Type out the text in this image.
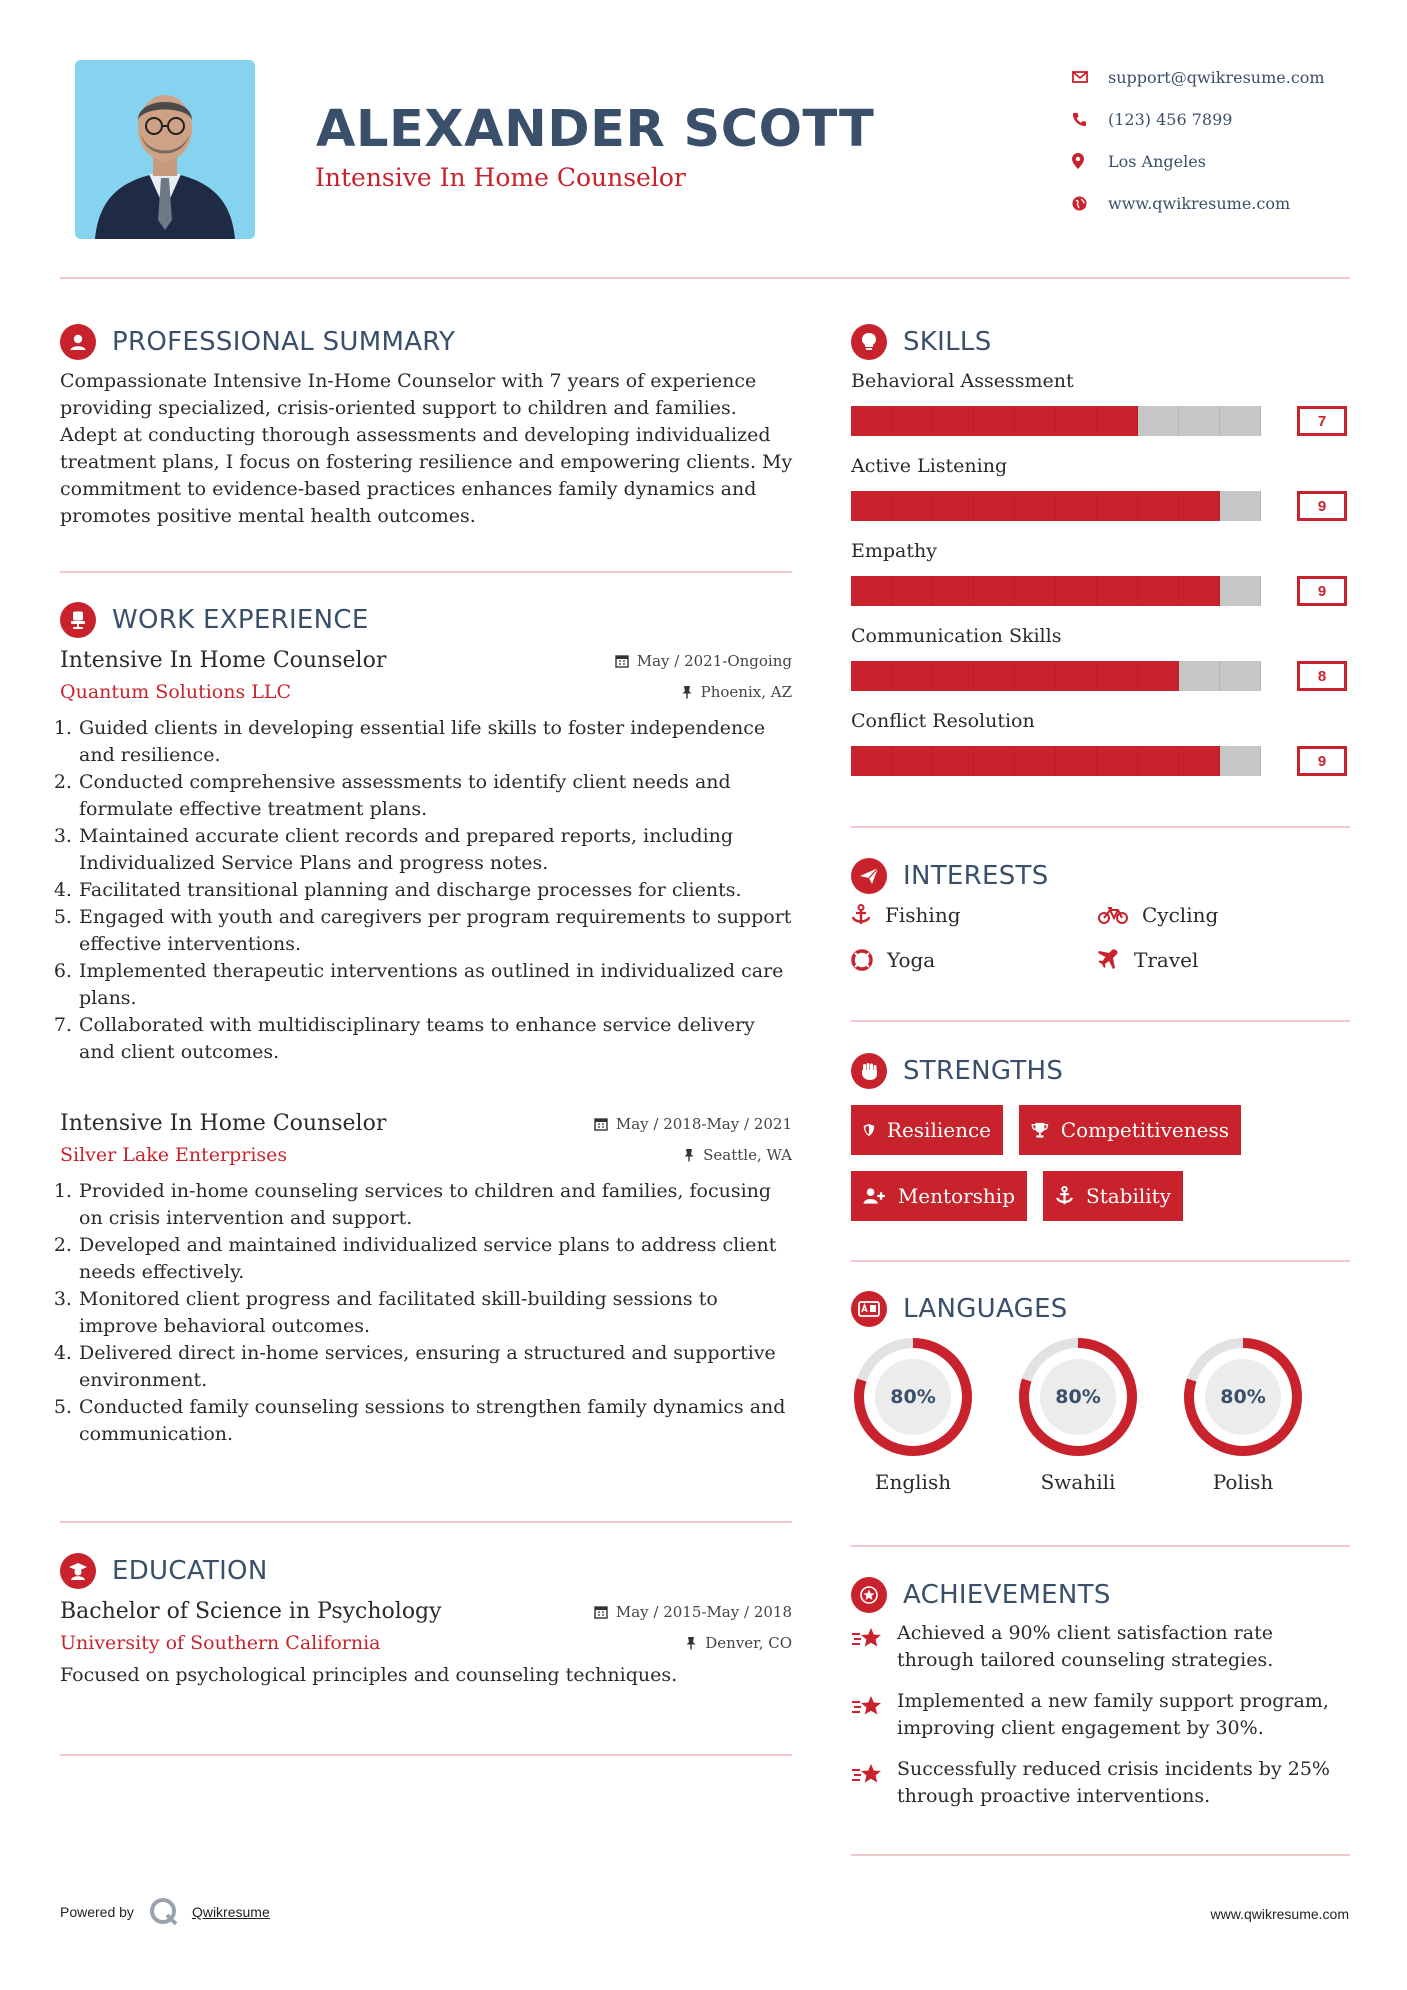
ALEXANDER SCOTT
Intensive In Home Counselor
support@qwikresume.com
(123) 456 7899
Los Angeles
www.qwikresume.com
PROFESSIONAL SUMMARY
Compassionate Intensive In-Home Counselor with 7 years of experience providing specialized, crisis-oriented support to children and families. Adept at conducting thorough assessments and developing individualized treatment plans, I focus on fostering resilience and empowering clients. My commitment to evidence-based practices enhances family dynamics and promotes positive mental health outcomes.
WORK EXPERIENCE
Intensive In Home Counselor	May / 2021-Ongoing
Quantum Solutions LLC	Phoenix, AZ
1. Guided clients in developing essential life skills to foster independence and resilience.
2. Conducted comprehensive assessments to identify client needs and formulate effective treatment plans.
3. Maintained accurate client records and prepared reports, including Individualized Service Plans and progress notes.
4. Facilitated transitional planning and discharge processes for clients.
5. Engaged with youth and caregivers per program requirements to support effective interventions.
6. Implemented therapeutic interventions as outlined in individualized care plans.
7. Collaborated with multidisciplinary teams to enhance service delivery and client outcomes.
Intensive In Home Counselor	May / 2018-May / 2021
Silver Lake Enterprises	Seattle, WA
1. Provided in-home counseling services to children and families, focusing on crisis intervention and support.
2. Developed and maintained individualized service plans to address client needs effectively.
3. Monitored client progress and facilitated skill-building sessions to improve behavioral outcomes.
4. Delivered direct in-home services, ensuring a structured and supportive environment.
5. Conducted family counseling sessions to strengthen family dynamics and communication.
EDUCATION
Bachelor of Science in Psychology	May / 2015-May / 2018
University of Southern California	Denver, CO
Focused on psychological principles and counseling techniques.
SKILLS
Behavioral Assessment
7
Active Listening
9
Empathy
9
Communication Skills
8
Conflict Resolution
9
INTERESTS
Fishing	Cycling
Yoga	Travel
STRENGTHS
Resilience	Competitiveness
Mentorship	Stability
LANGUAGES
80%
English
80%
Swahili
80%
Polish
ACHIEVEMENTS
Achieved a 90% client satisfaction rate through tailored counseling strategies.
Implemented a new family support program, improving client engagement by 30%.
Successfully reduced crisis incidents by 25% through proactive interventions.
Powered by	Qwikresume	www.qwikresume.com
